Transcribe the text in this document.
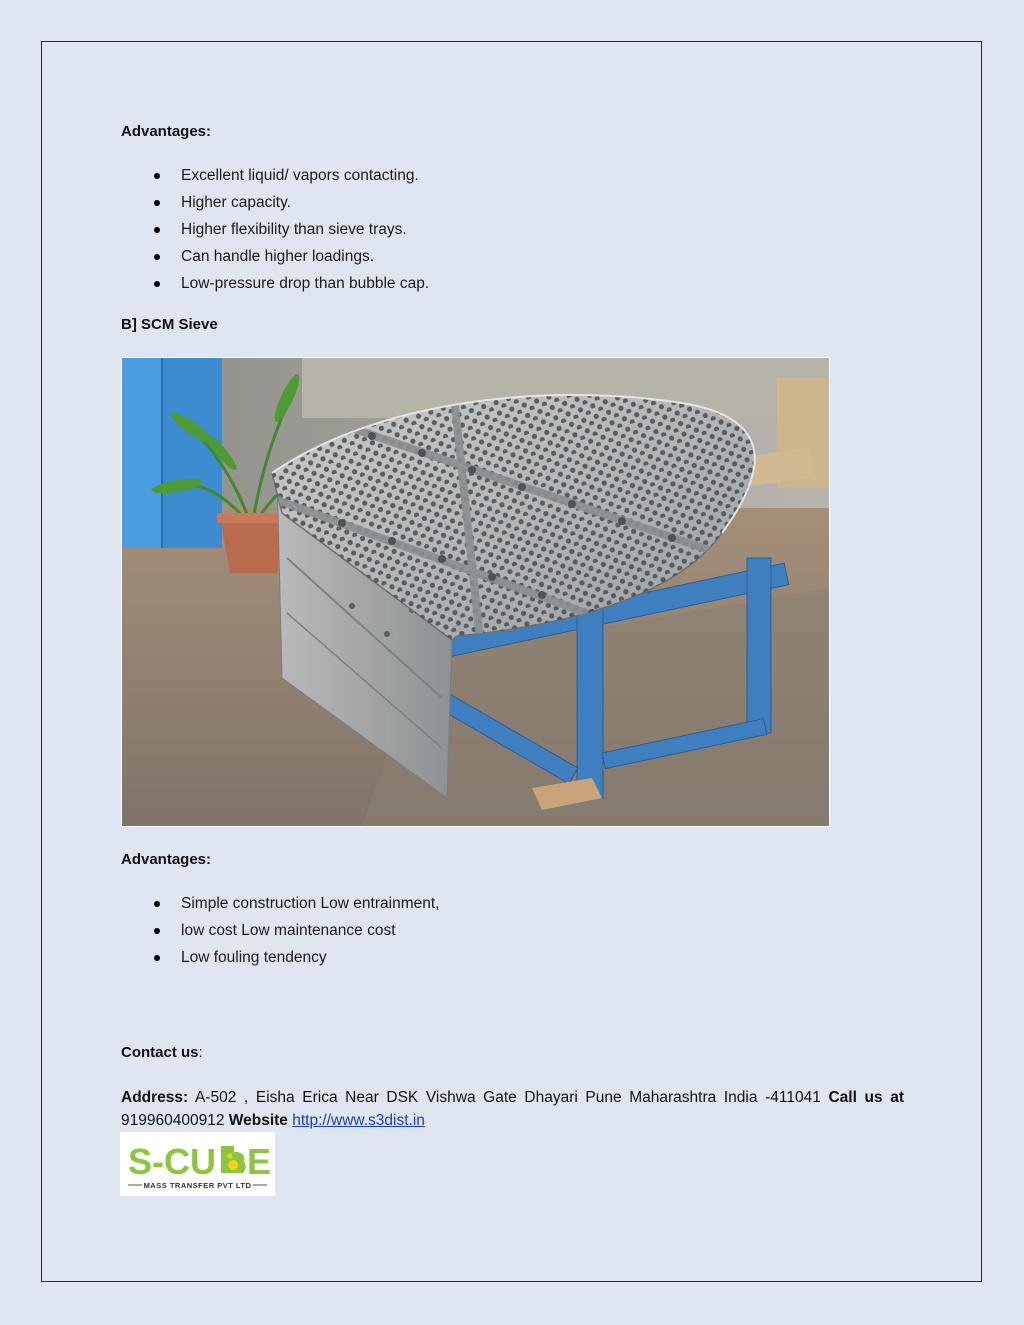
Advantages:
Excellent liquid/ vapors contacting.
Higher capacity.
Higher flexibility than sieve trays.
Can handle higher loadings.
Low-pressure drop than bubble cap.
B] SCM Sieve
Advantages:
Simple construction Low entrainment,
low cost Low maintenance cost
Low fouling tendency
Contact us:
Address: A-502 , Eisha Erica Near DSK Vishwa Gate Dhayari Pune Maharashtra India -411041 Call us at
919960400912 Website http://www.s3dist.in
S-CU E
MASS TRANSFER PVT LTD
